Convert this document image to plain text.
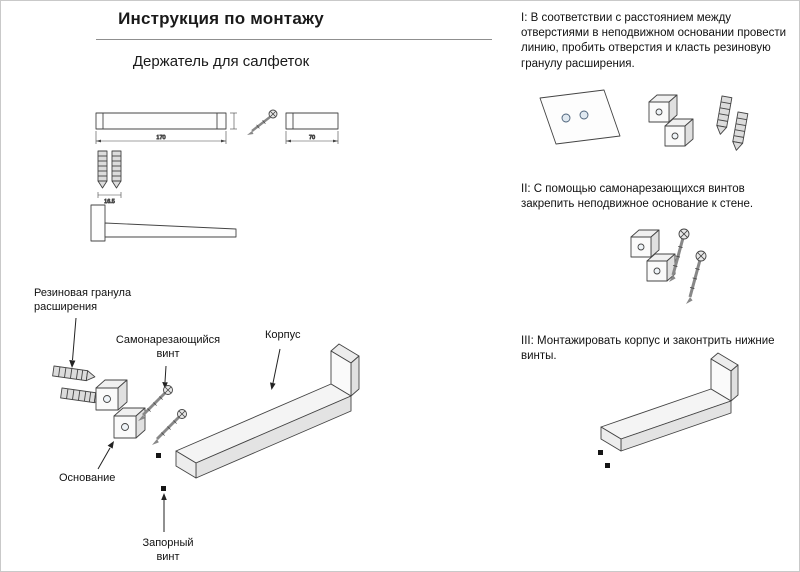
Инструкция по монтажу
Держатель для салфеток
170	70
16.5
Резиновая гранула расширения
Самонарезающийся винт
Корпус
Основание
Запорный винт

I: В соответствии с расстоянием между отверстиями в неподвижном основании провести линию, пробить отверстия и класть резиновую гранулу расширения.

II: С помощью самонарезающихся винтов закрепить неподвижное основание к стене.

III: Монтажировать корпус и законтрить нижние винты.
